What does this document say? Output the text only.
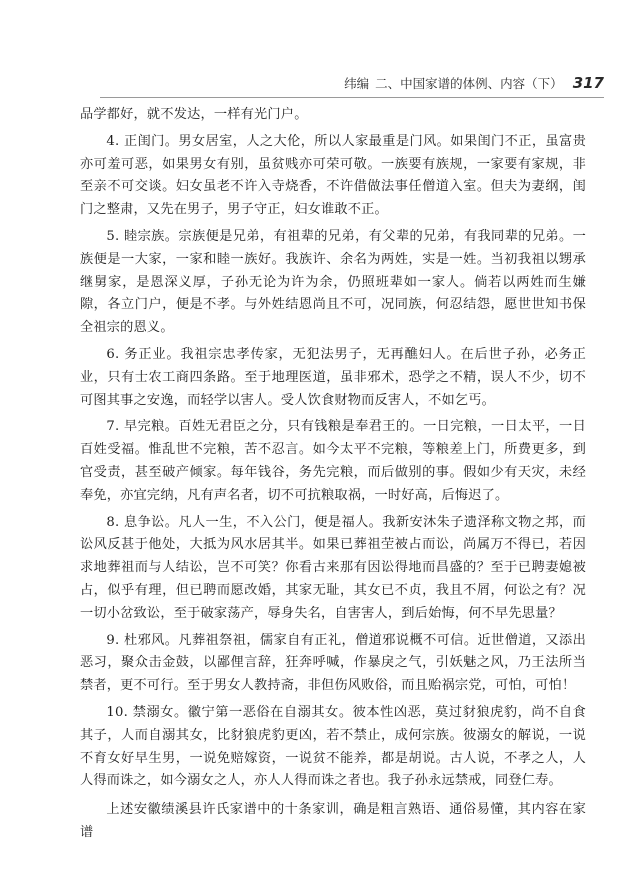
纬编 二、中国家谱的体例、内容（下） 317

品学都好，就不发达，一样有光门户。

4. 正闺门。男女居室，人之大伦，所以人家最重是门风。如果闺门不正，虽富贵亦可羞可恶，如果男女有别，虽贫贱亦可荣可敬。一族要有族规，一家要有家规，非至亲不可交谈。妇女虽老不许入寺烧香，不许借做法事任僧道入室。但夫为妻纲，闺门之整肃，又先在男子，男子守正，妇女谁敢不正。

5. 睦宗族。宗族便是兄弟，有祖辈的兄弟，有父辈的兄弟，有我同辈的兄弟。一族便是一大家，一家和睦一族好。我族许、余名为两姓，实是一姓。当初我祖以甥承继舅家，是恩深义厚，子孙无论为许为余，仍照班辈如一家人。倘若以两姓而生嫌隙，各立门户，便是不孝。与外姓结恩尚且不可，况同族，何忍结怨，愿世世知书保全祖宗的恩义。

6. 务正业。我祖宗忠孝传家，无犯法男子，无再醮妇人。在后世子孙，必务正业，只有士农工商四条路。至于地理医道，虽非邪术，恐学之不精，误人不少，切不可图其事之安逸，而轻学以害人。受人饮食财物而反害人，不如乞丐。

7. 早完粮。百姓无君臣之分，只有钱粮是奉君王的。一日完粮，一日太平，一日百姓受福。惟乱世不完粮，苦不忍言。如今太平不完粮，等粮差上门，所费更多，到官受责，甚至破产倾家。每年钱谷，务先完粮，而后做别的事。假如少有天灾，未经奉免，亦宜完纳，凡有声名者，切不可抗粮取祸，一时好高，后悔迟了。

8. 息争讼。凡人一生，不入公门，便是福人。我新安沐朱子遗泽称文物之邦，而讼风反甚于他处，大抵为风水居其半。如果已葬祖茔被占而讼，尚属万不得已，若因求地葬祖而与人结讼，岂不可笑？你看古来那有因讼得地而昌盛的？至于已聘妻媳被占，似乎有理，但已聘而愿改婚，其家无耻，其女已不贞，我且不屑，何讼之有？况一切小岔致讼，至于破家荡产，辱身失名，自害害人，到后始悔，何不早先思量？

9. 杜邪风。凡葬祖祭祖，儒家自有正礼，僧道邪说概不可信。近世僧道，又添出恶习，聚众击金鼓，以鄙俚言辞，狂奔呼喊，作暴戾之气，引妖魅之风，乃王法所当禁者，更不可行。至于男女人教持斋，非但伤风败俗，而且贻祸宗党，可怕，可怕！

10. 禁溺女。徽宁第一恶俗在自溺其女。彼本性凶恶，莫过豺狼虎豹，尚不自食其子，人而自溺其女，比豺狼虎豹更凶，若不禁止，成何宗族。彼溺女的解说，一说不育女好早生男，一说免赔嫁资，一说贫不能养，都是胡说。古人说，不孝之人，人人得而诛之，如今溺女之人，亦人人得而诛之者也。我子孙永远禁戒，同登仁寿。

上述安徽绩溪县许氏家谱中的十条家训，确是粗言熟语、通俗易懂，其内容在家谱
